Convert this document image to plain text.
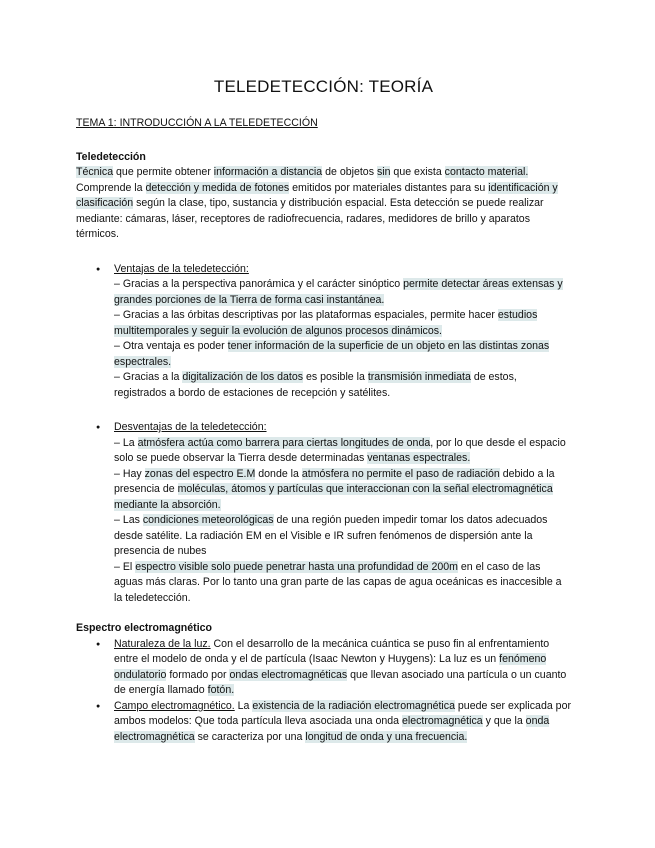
TELEDETECCIÓN: TEORÍA
TEMA 1: INTRODUCCIÓN A LA TELEDETECCIÓN
Teledetección

Técnica que permite obtener información a distancia de objetos sin que exista contacto material. Comprende la detección y medida de fotones emitidos por materiales distantes para su identificación y clasificación según la clase, tipo, sustancia y distribución espacial. Esta detección se puede realizar mediante: cámaras, láser, receptores de radiofrecuencia, radares, medidores de brillo y aparatos térmicos.

● Ventajas de la teledetección:
– Gracias a la perspectiva panorámica y el carácter sinóptico permite detectar áreas extensas y grandes porciones de la Tierra de forma casi instantánea.
– Gracias a las órbitas descriptivas por las plataformas espaciales, permite hacer estudios multitemporales y seguir la evolución de algunos procesos dinámicos.
– Otra ventaja es poder tener información de la superficie de un objeto en las distintas zonas espectrales.
– Gracias a la digitalización de los datos es posible la transmisión inmediata de estos, registrados a bordo de estaciones de recepción y satélites.
● Desventajas de la teledetección:
– La atmósfera actúa como barrera para ciertas longitudes de onda, por lo que desde el espacio solo se puede observar la Tierra desde determinadas ventanas espectrales.
– Hay zonas del espectro E.M donde la atmósfera no permite el paso de radiación debido a la presencia de moléculas, átomos y partículas que interaccionan con la señal electromagnética mediante la absorción.
– Las condiciones meteorológicas de una región pueden impedir tomar los datos adecuados desde satélite. La radiación EM en el Visible e IR sufren fenómenos de dispersión ante la presencia de nubes
– El espectro visible solo puede penetrar hasta una profundidad de 200m en el caso de las aguas más claras. Por lo tanto una gran parte de las capas de agua oceánicas es inaccesible a la teledetección.
Espectro electromagnético
● Naturaleza de la luz. Con el desarrollo de la mecánica cuántica se puso fin al enfrentamiento entre el modelo de onda y el de partícula (Isaac Newton y Huygens): La luz es un fenómeno ondulatorio formado por ondas electromagnéticas que llevan asociado una partícula o un cuanto de energía llamado fotón.
● Campo electromagnético. La existencia de la radiación electromagnética puede ser explicada por ambos modelos: Que toda partícula lleva asociada una onda electromagnética y que la onda electromagnética se caracteriza por una longitud de onda y una frecuencia.
